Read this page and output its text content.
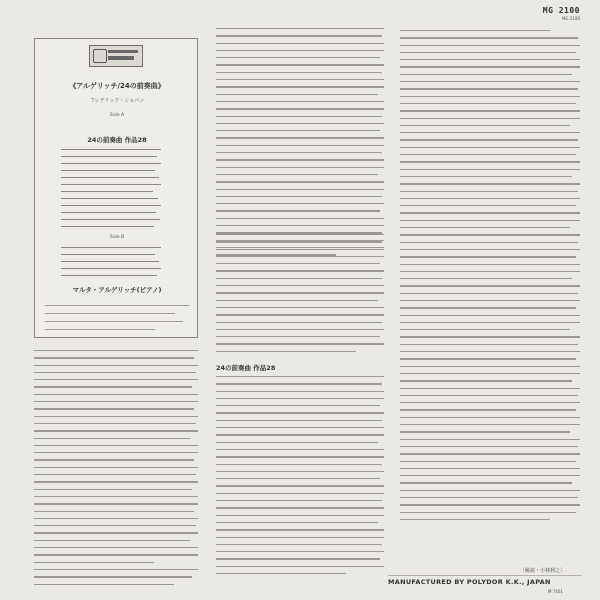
MG 2100
MG 2100
《アルゲリッチ/24の前奏曲》
フレデリック・ショパン
Side A
24の前奏曲 作品28
Side B
マルタ・アルゲリッチ(ピアノ)
24の前奏曲 作品28
〔解説・小林利之〕
MANUFACTURED BY POLYDOR K.K., JAPAN
M 7401
